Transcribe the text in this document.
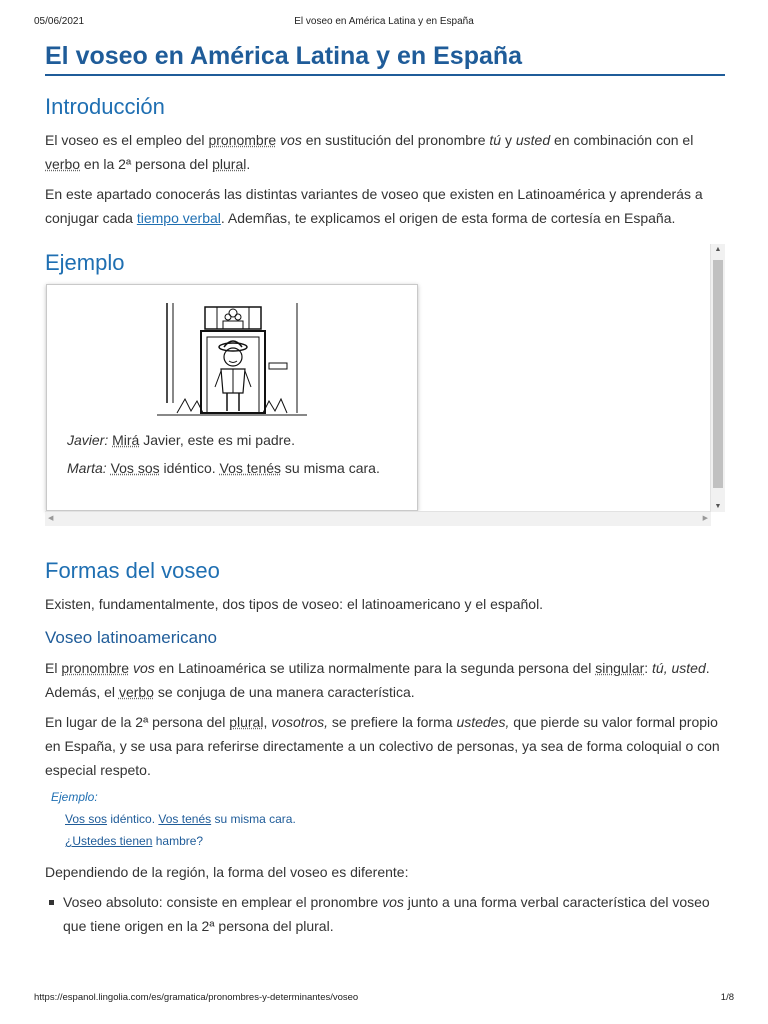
05/06/2021	El voseo en América Latina y en España
El voseo en América Latina y en España
Introducción

El voseo es el empleo del pronombre vos en sustitución del pronombre tú y usted en combinación con el verbo en la 2ª persona del plural.

En este apartado conocerás las distintas variantes de voseo que existen en Latinoamérica y aprenderás a conjugar cada tiempo verbal. Ademñas, te explicamos el origen de esta forma de cortesía en España.

Ejemplo
Javier: Mirá Javier, este es mi padre.
Marta: Vos sos idéntico. Vos tenés su misma cara.
▲
▼
◀	▶
Formas del voseo

Existen, fundamentalmente, dos tipos de voseo: el latinoamericano y el español.

Voseo latinoamericano

El pronombre vos en Latinoamérica se utiliza normalmente para la segunda persona del singular: tú, usted. Además, el verbo se conjuga de una manera característica.

En lugar de la 2ª persona del plural, vosotros, se prefiere la forma ustedes, que pierde su valor formal propio en España, y se usa para referirse directamente a un colectivo de personas, ya sea de forma coloquial o con especial respeto.

Ejemplo:
Vos sos idéntico. Vos tenés su misma cara.
¿Ustedes tienen hambre?

Dependiendo de la región, la forma del voseo es diferente:

Voseo absoluto: consiste en emplear el pronombre vos junto a una forma verbal característica del voseo que tiene origen en la 2ª persona del plural.
https://espanol.lingolia.com/es/gramatica/pronombres-y-determinantes/voseo	1/8
